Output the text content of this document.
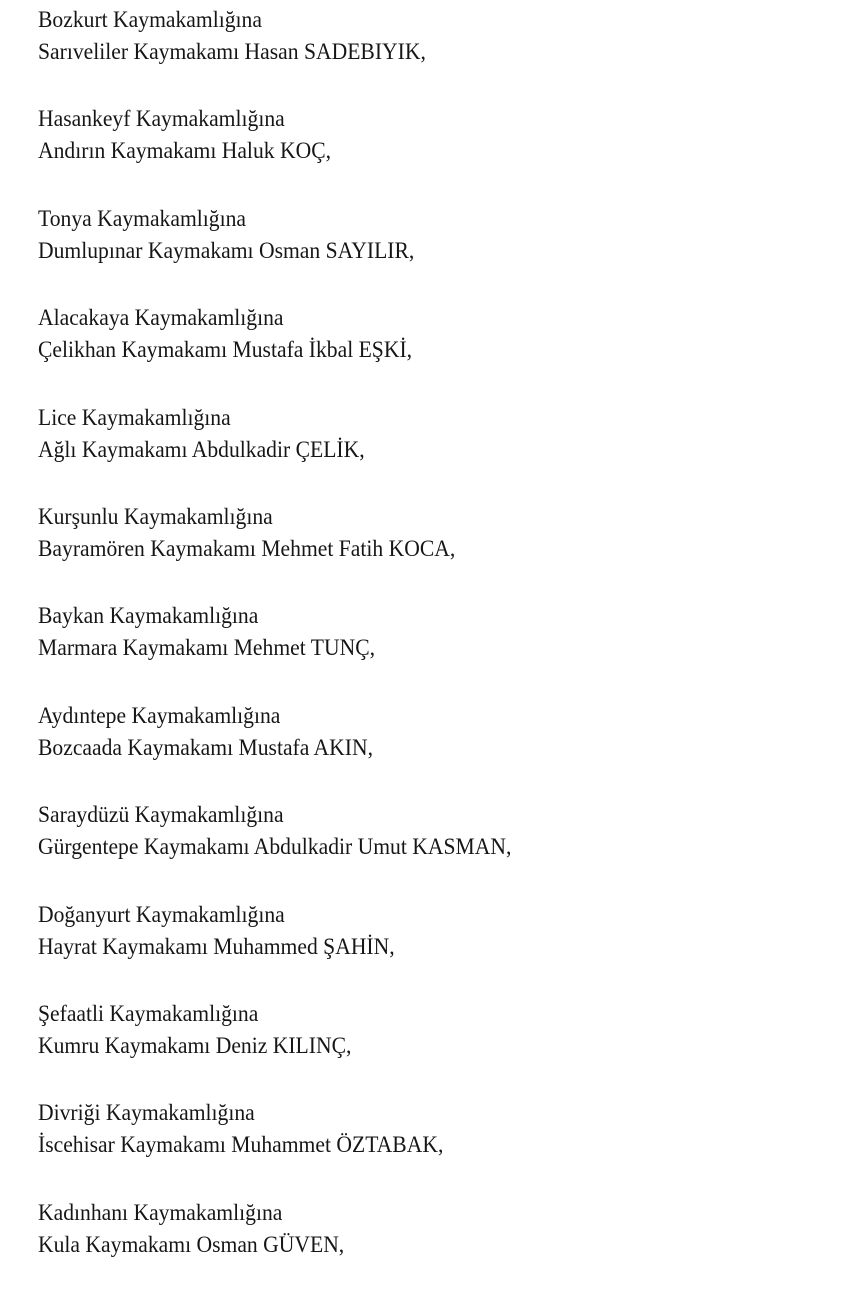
Bozkurt Kaymakamlığına
Sarıveliler Kaymakamı Hasan SADEBIYIK,
Hasankeyf Kaymakamlığına
Andırın Kaymakamı Haluk KOÇ,
Tonya Kaymakamlığına
Dumlupınar Kaymakamı Osman SAYILIR,
Alacakaya Kaymakamlığına
Çelikhan Kaymakamı Mustafa İkbal EŞKİ,
Lice Kaymakamlığına
Ağlı Kaymakamı Abdulkadir ÇELİK,
Kurşunlu Kaymakamlığına
Bayramören Kaymakamı Mehmet Fatih KOCA,
Baykan Kaymakamlığına
Marmara Kaymakamı Mehmet TUNÇ,
Aydıntepe Kaymakamlığına
Bozcaada Kaymakamı Mustafa AKIN,
Saraydüzü Kaymakamlığına
Gürgentepe Kaymakamı Abdulkadir Umut KASMAN,
Doğanyurt Kaymakamlığına
Hayrat Kaymakamı Muhammed ŞAHİN,
Şefaatli Kaymakamlığına
Kumru Kaymakamı Deniz KILINÇ,
Divriği Kaymakamlığına
İscehisar Kaymakamı Muhammet ÖZTABAK,
Kadınhanı Kaymakamlığına
Kula Kaymakamı Osman GÜVEN,
